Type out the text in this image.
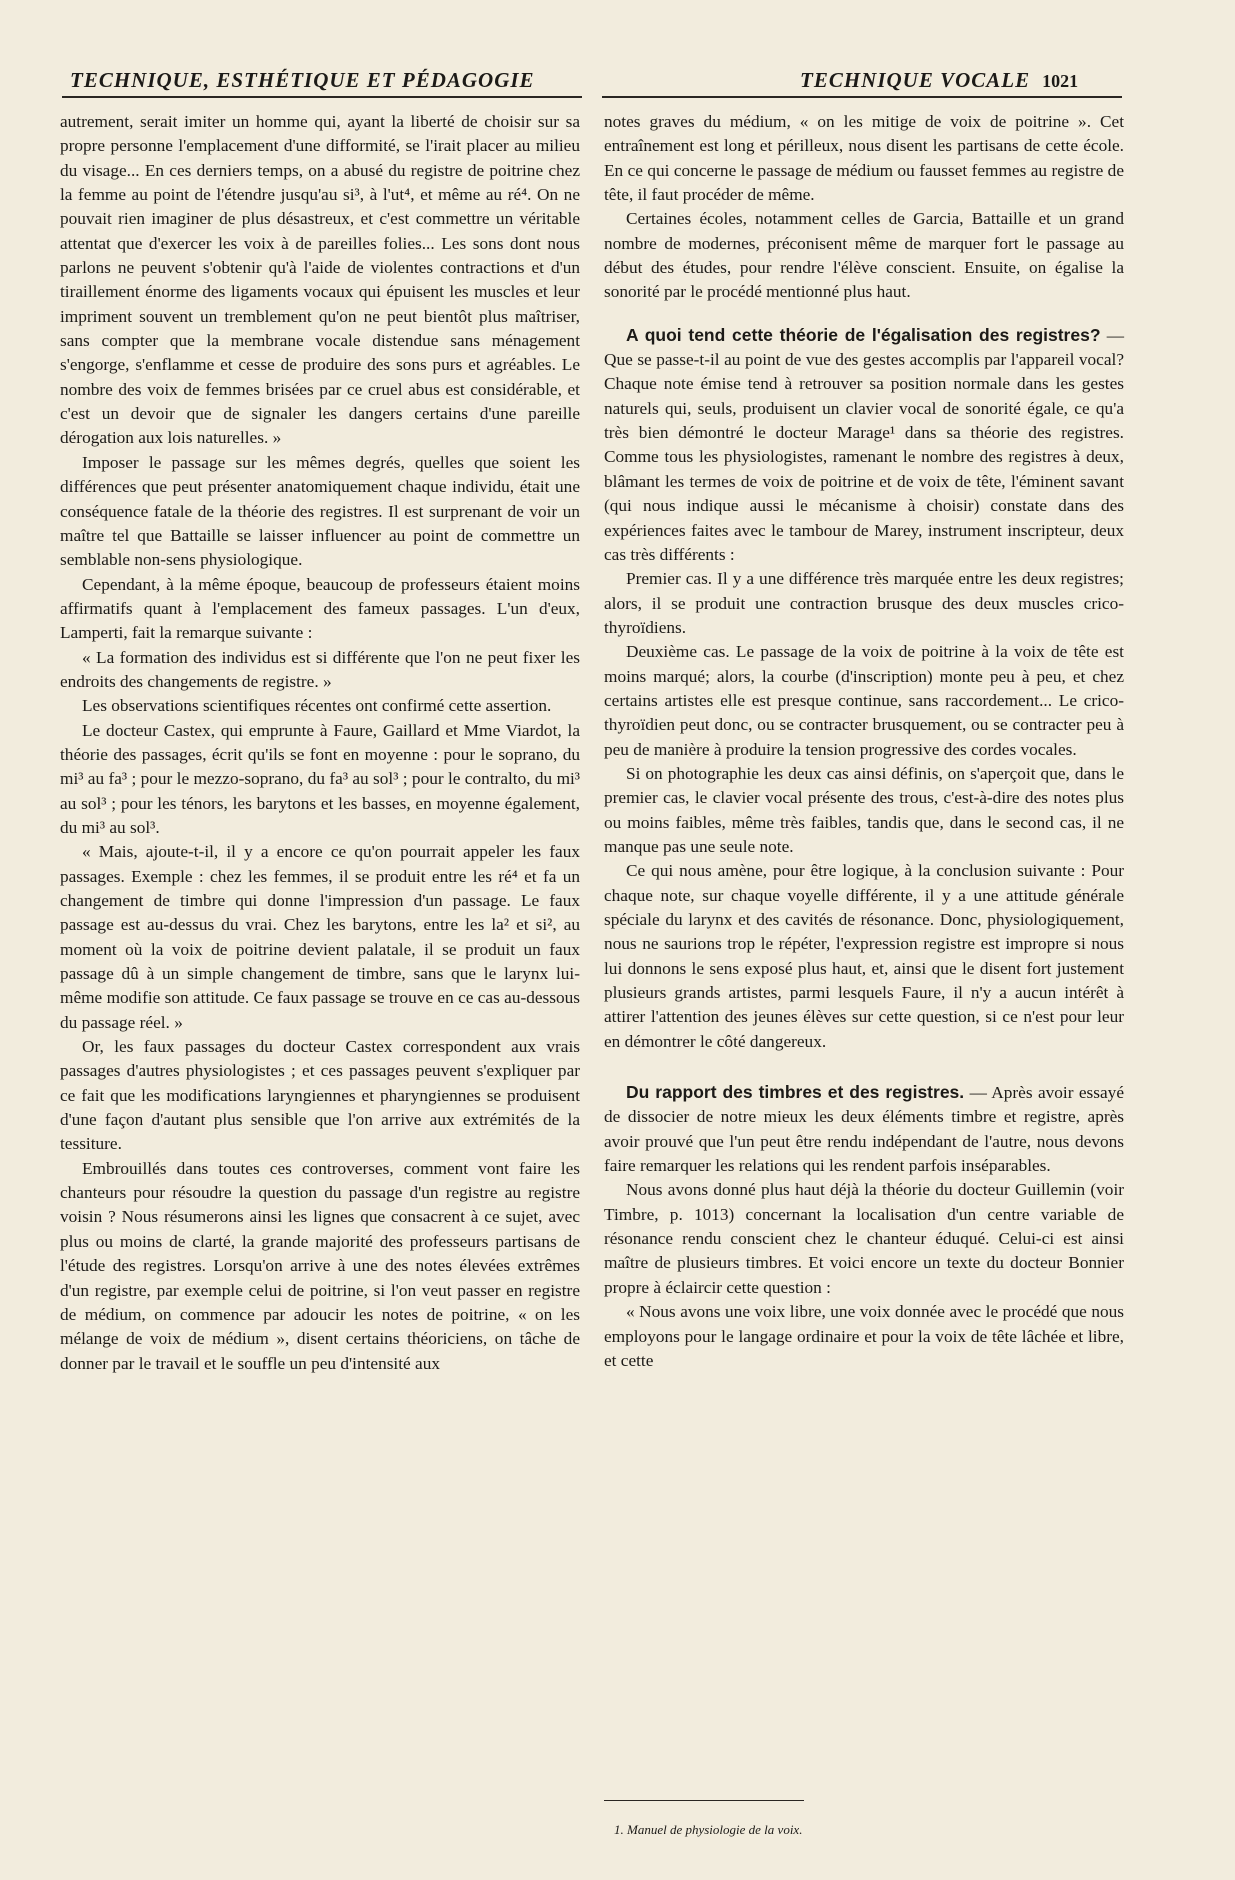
TECHNIQUE, ESTHÉTIQUE ET PÉDAGOGIE	TECHNIQUE VOCALE 1021

autrement, serait imiter un homme qui, ayant la liberté de choisir sur sa propre personne l'emplacement d'une difformité, se l'irait placer au milieu du visage... En ces derniers temps, on a abusé du registre de poitrine chez la femme au point de l'étendre jusqu'au si³, à l'ut⁴, et même au ré⁴. On ne pouvait rien imaginer de plus désastreux, et c'est commettre un véritable attentat que d'exercer les voix à de pareilles folies... Les sons dont nous parlons ne peuvent s'obtenir qu'à l'aide de violentes contractions et d'un tiraillement énorme des ligaments vocaux qui épuisent les muscles et leur impriment souvent un tremblement qu'on ne peut bientôt plus maîtriser, sans compter que la membrane vocale distendue sans ménagement s'engorge, s'enflamme et cesse de produire des sons purs et agréables. Le nombre des voix de femmes brisées par ce cruel abus est considérable, et c'est un devoir que de signaler les dangers certains d'une pareille dérogation aux lois naturelles. »

Imposer le passage sur les mêmes degrés, quelles que soient les différences que peut présenter anatomiquement chaque individu, était une conséquence fatale de la théorie des registres. Il est surprenant de voir un maître tel que Battaille se laisser influencer au point de commettre un semblable non-sens physiologique.

Cependant, à la même époque, beaucoup de professeurs étaient moins affirmatifs quant à l'emplacement des fameux passages. L'un d'eux, Lamperti, fait la remarque suivante :

« La formation des individus est si différente que l'on ne peut fixer les endroits des changements de registre. »

Les observations scientifiques récentes ont confirmé cette assertion.

Le docteur Castex, qui emprunte à Faure, Gaillard et Mme Viardot, la théorie des passages, écrit qu'ils se font en moyenne : pour le soprano, du mi³ au fa³ ; pour le mezzo-soprano, du fa³ au sol³ ; pour le contralto, du mi³ au sol³ ; pour les ténors, les barytons et les basses, en moyenne également, du mi³ au sol³.

« Mais, ajoute-t-il, il y a encore ce qu'on pourrait appeler les faux passages. Exemple : chez les femmes, il se produit entre les ré⁴ et fa un changement de timbre qui donne l'impression d'un passage. Le faux passage est au-dessus du vrai. Chez les barytons, entre les la² et si², au moment où la voix de poitrine devient palatale, il se produit un faux passage dû à un simple changement de timbre, sans que le larynx lui-même modifie son attitude. Ce faux passage se trouve en ce cas au-dessous du passage réel. »

Or, les faux passages du docteur Castex correspondent aux vrais passages d'autres physiologistes ; et ces passages peuvent s'expliquer par ce fait que les modifications laryngiennes et pharyngiennes se produisent d'une façon d'autant plus sensible que l'on arrive aux extrémités de la tessiture.

Embrouillés dans toutes ces controverses, comment vont faire les chanteurs pour résoudre la question du passage d'un registre au registre voisin ? Nous résumerons ainsi les lignes que consacrent à ce sujet, avec plus ou moins de clarté, la grande majorité des professeurs partisans de l'étude des registres. Lorsqu'on arrive à une des notes élevées extrêmes d'un registre, par exemple celui de poitrine, si l'on veut passer en registre de médium, on commence par adoucir les notes de poitrine, « on les mélange de voix de médium », disent certains théoriciens, on tâche de donner par le travail et le souffle un peu d'intensité aux

notes graves du médium, « on les mitige de voix de poitrine ». Cet entraînement est long et périlleux, nous disent les partisans de cette école. En ce qui concerne le passage de médium ou fausset femmes au registre de tête, il faut procéder de même.

Certaines écoles, notamment celles de Garcia, Battaille et un grand nombre de modernes, préconisent même de marquer fort le passage au début des études, pour rendre l'élève conscient. Ensuite, on égalise la sonorité par le procédé mentionné plus haut.

A quoi tend cette théorie de l'égalisation des registres? — Que se passe-t-il au point de vue des gestes accomplis par l'appareil vocal? Chaque note émise tend à retrouver sa position normale dans les gestes naturels qui, seuls, produisent un clavier vocal de sonorité égale, ce qu'a très bien démontré le docteur Marage¹ dans sa théorie des registres. Comme tous les physiologistes, ramenant le nombre des registres à deux, blâmant les termes de voix de poitrine et de voix de tête, l'éminent savant (qui nous indique aussi le mécanisme à choisir) constate dans des expériences faites avec le tambour de Marey, instrument inscripteur, deux cas très différents :

Premier cas. Il y a une différence très marquée entre les deux registres; alors, il se produit une contraction brusque des deux muscles crico-thyroïdiens.

Deuxième cas. Le passage de la voix de poitrine à la voix de tête est moins marqué; alors, la courbe (d'inscription) monte peu à peu, et chez certains artistes elle est presque continue, sans raccordement... Le crico-thyroïdien peut donc, ou se contracter brusquement, ou se contracter peu à peu de manière à produire la tension progressive des cordes vocales.

Si on photographie les deux cas ainsi définis, on s'aperçoit que, dans le premier cas, le clavier vocal présente des trous, c'est-à-dire des notes plus ou moins faibles, même très faibles, tandis que, dans le second cas, il ne manque pas une seule note.

Ce qui nous amène, pour être logique, à la conclusion suivante : Pour chaque note, sur chaque voyelle différente, il y a une attitude générale spéciale du larynx et des cavités de résonance. Donc, physiologiquement, nous ne saurions trop le répéter, l'expression registre est impropre si nous lui donnons le sens exposé plus haut, et, ainsi que le disent fort justement plusieurs grands artistes, parmi lesquels Faure, il n'y a aucun intérêt à attirer l'attention des jeunes élèves sur cette question, si ce n'est pour leur en démontrer le côté dangereux.

Du rapport des timbres et des registres. — Après avoir essayé de dissocier de notre mieux les deux éléments timbre et registre, après avoir prouvé que l'un peut être rendu indépendant de l'autre, nous devons faire remarquer les relations qui les rendent parfois inséparables.

Nous avons donné plus haut déjà la théorie du docteur Guillemin (voir Timbre, p. 1013) concernant la localisation d'un centre variable de résonance rendu conscient chez le chanteur éduqué. Celui-ci est ainsi maître de plusieurs timbres. Et voici encore un texte du docteur Bonnier propre à éclaircir cette question :

« Nous avons une voix libre, une voix donnée avec le procédé que nous employons pour le langage ordinaire et pour la voix de tête lâchée et libre, et cette

1. Manuel de physiologie de la voix.
